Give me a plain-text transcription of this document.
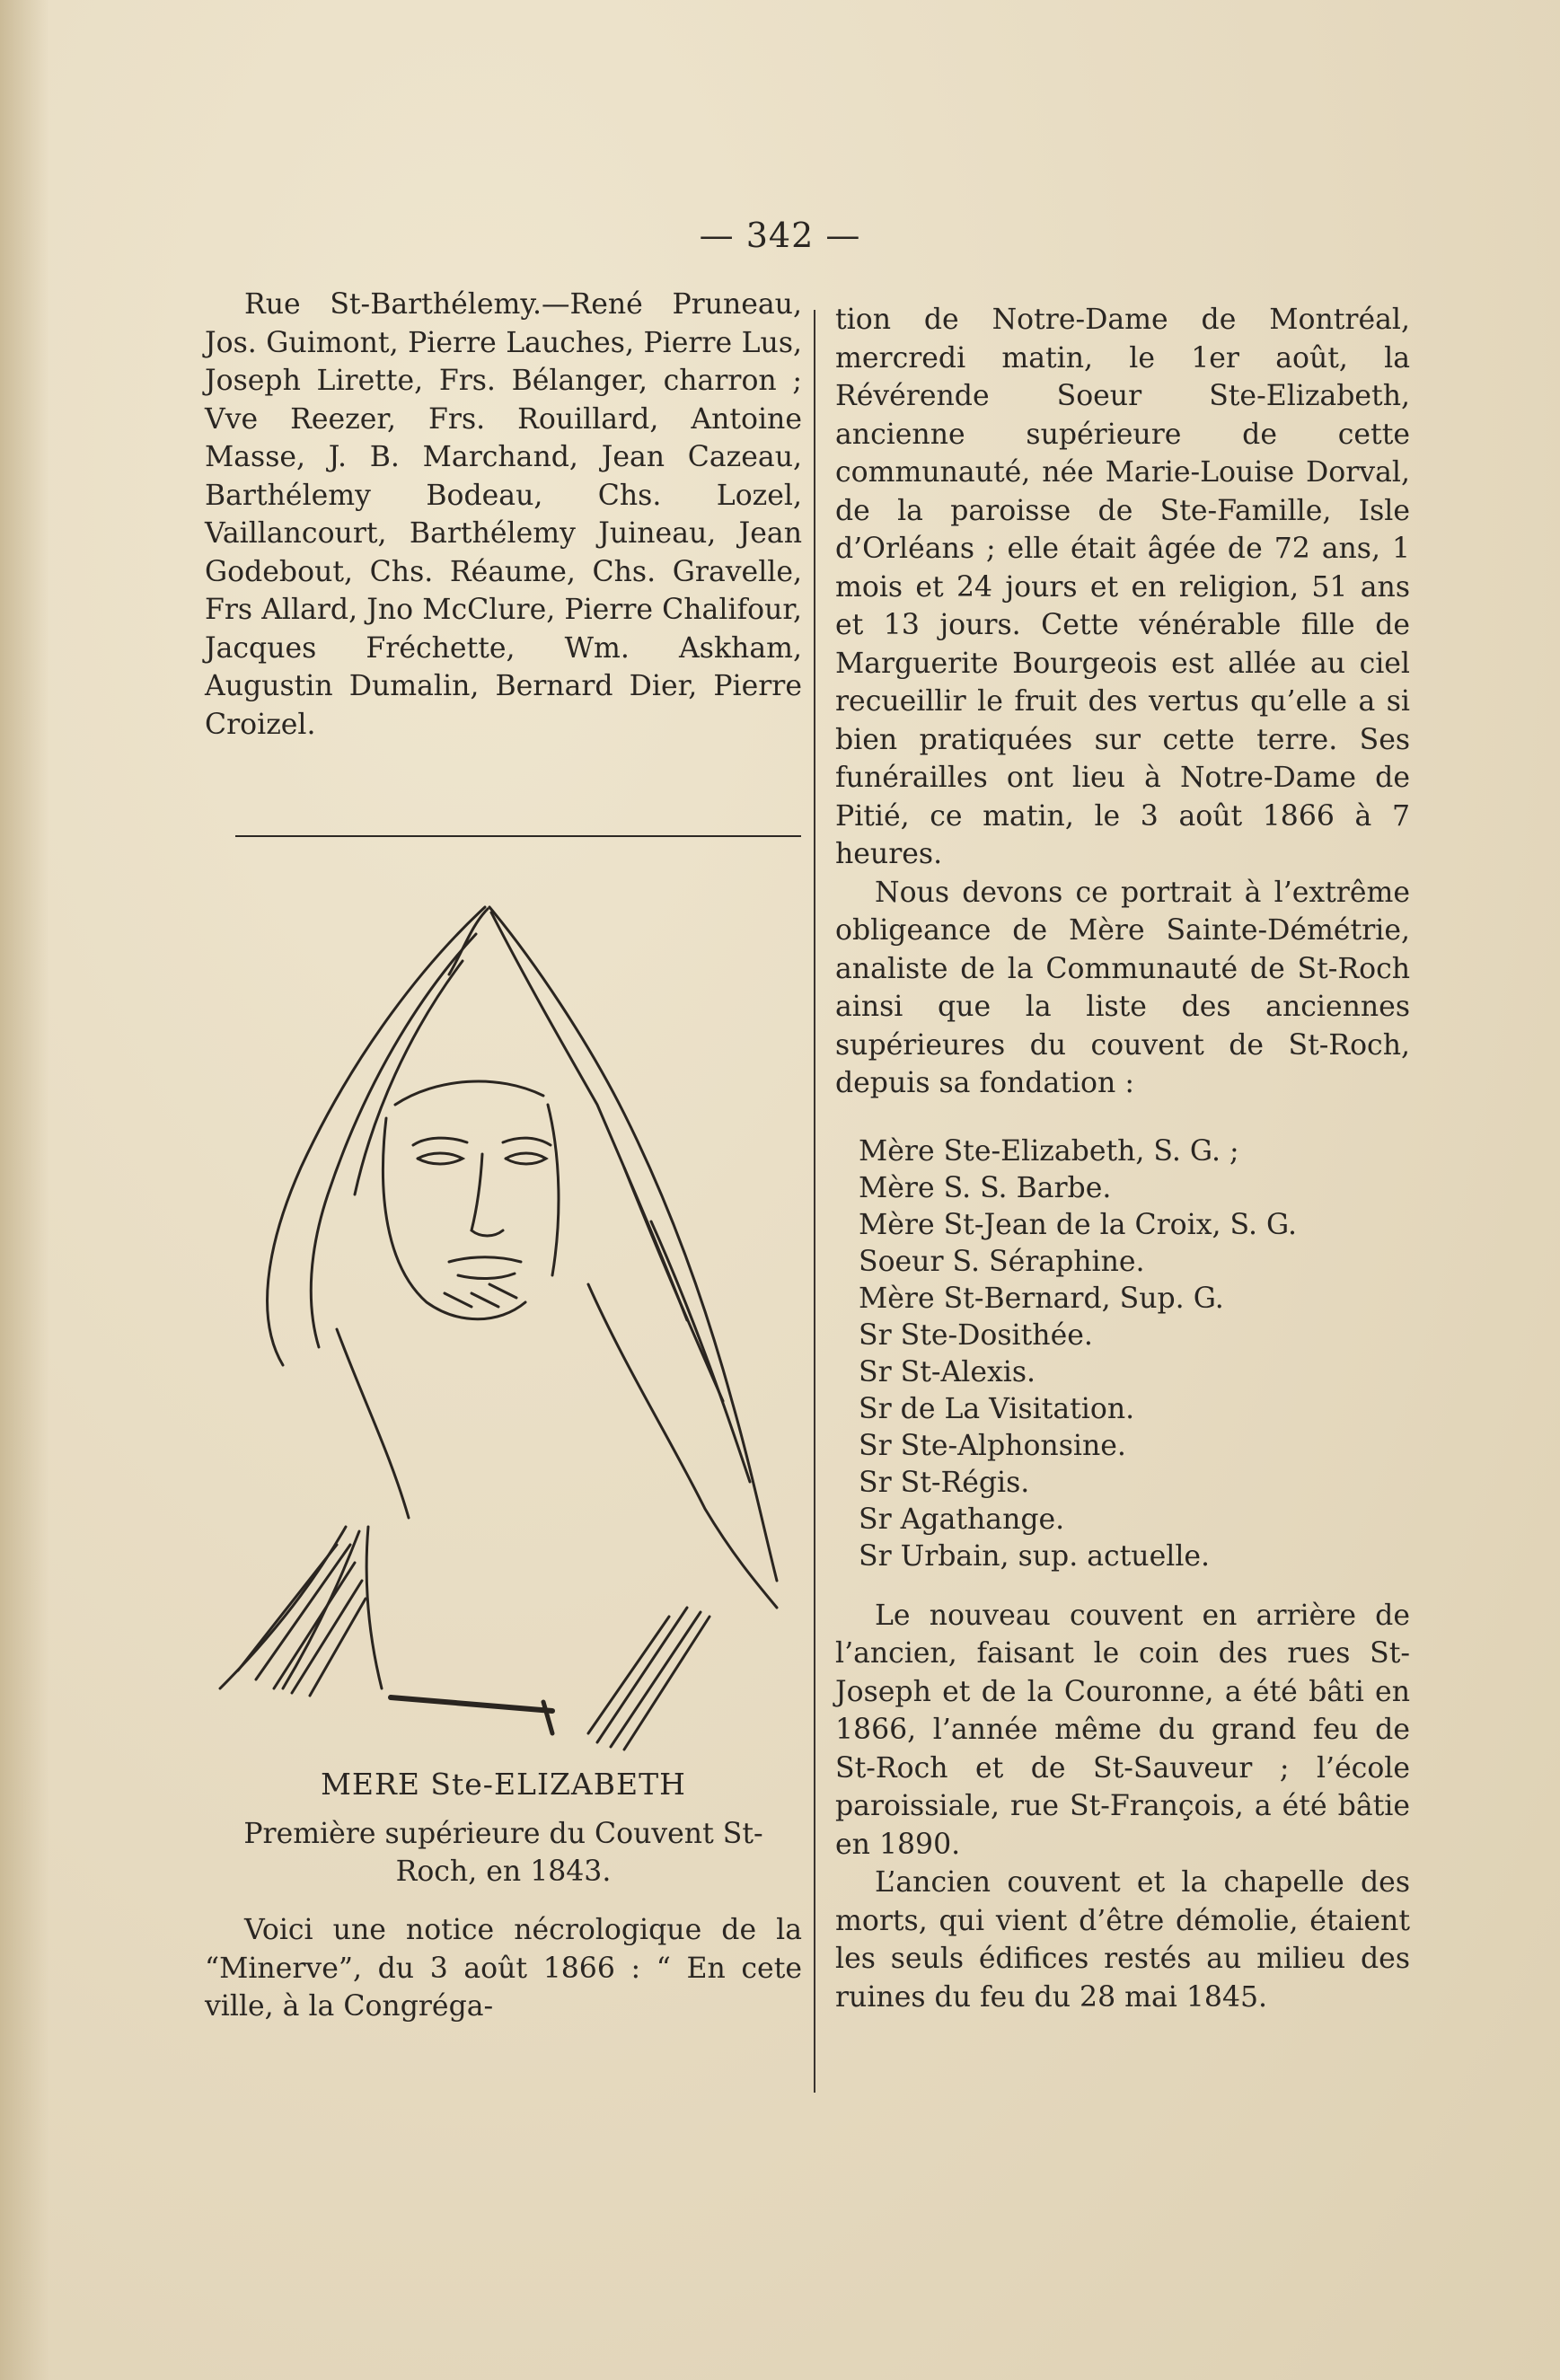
— 342 —

Rue St-Barthélemy.—René Pruneau, Jos. Guimont, Pierre Lauches, Pierre Lus, Joseph Lirette, Frs. Bélanger, charron ; Vve Reezer, Frs. Rouillard, Antoine Masse, J. B. Marchand, Jean Cazeau, Barthélemy Bodeau, Chs. Lozel, Vaillancourt, Barthélemy Juineau, Jean Godebout, Chs. Réaume, Chs. Gravelle, Frs Allard, Jno McClure, Pierre Chalifour, Jacques Fréchette, Wm. Askham, Augustin Dumalin, Bernard Dier, Pierre Croizel.

MERE Ste-ELIZABETH
Première supérieure du Couvent St-Roch, en 1843.

Voici une notice nécrologique de la “Minerve”, du 3 août 1866 : “ En cete ville, à la Congréga-

tion de Notre-Dame de Montréal, mercredi matin, le 1er août, la Révérende Soeur Ste-Elizabeth, ancienne supérieure de cette communauté, née Marie-Louise Dorval, de la paroisse de Ste-Famille, Isle d’Orléans ; elle était âgée de 72 ans, 1 mois et 24 jours et en religion, 51 ans et 13 jours. Cette vénérable fille de Marguerite Bourgeois est allée au ciel recueillir le fruit des vertus qu’elle a si bien pratiquées sur cette terre. Ses funérailles ont lieu à Notre-Dame de Pitié, ce matin, le 3 août 1866 à 7 heures.

Nous devons ce portrait à l’extrême obligeance de Mère Sainte-Démétrie, analiste de la Communauté de St-Roch ainsi que la liste des anciennes supérieures du couvent de St-Roch, depuis sa fondation :

Mère Ste-Elizabeth, S. G. ;
Mère S. S. Barbe.
Mère St-Jean de la Croix, S. G.
Soeur S. Séraphine.
Mère St-Bernard, Sup. G.
Sr Ste-Dosithée.
Sr St-Alexis.
Sr de La Visitation.
Sr Ste-Alphonsine.
Sr St-Régis.
Sr Agathange.
Sr Urbain, sup. actuelle.

Le nouveau couvent en arrière de l’ancien, faisant le coin des rues St-Joseph et de la Couronne, a été bâti en 1866, l’année même du grand feu de St-Roch et de St-Sauveur ; l’école paroissiale, rue St-François, a été bâtie en 1890.

L’ancien couvent et la chapelle des morts, qui vient d’être démolie, étaient les seuls édifices restés au milieu des ruines du feu du 28 mai 1845.
